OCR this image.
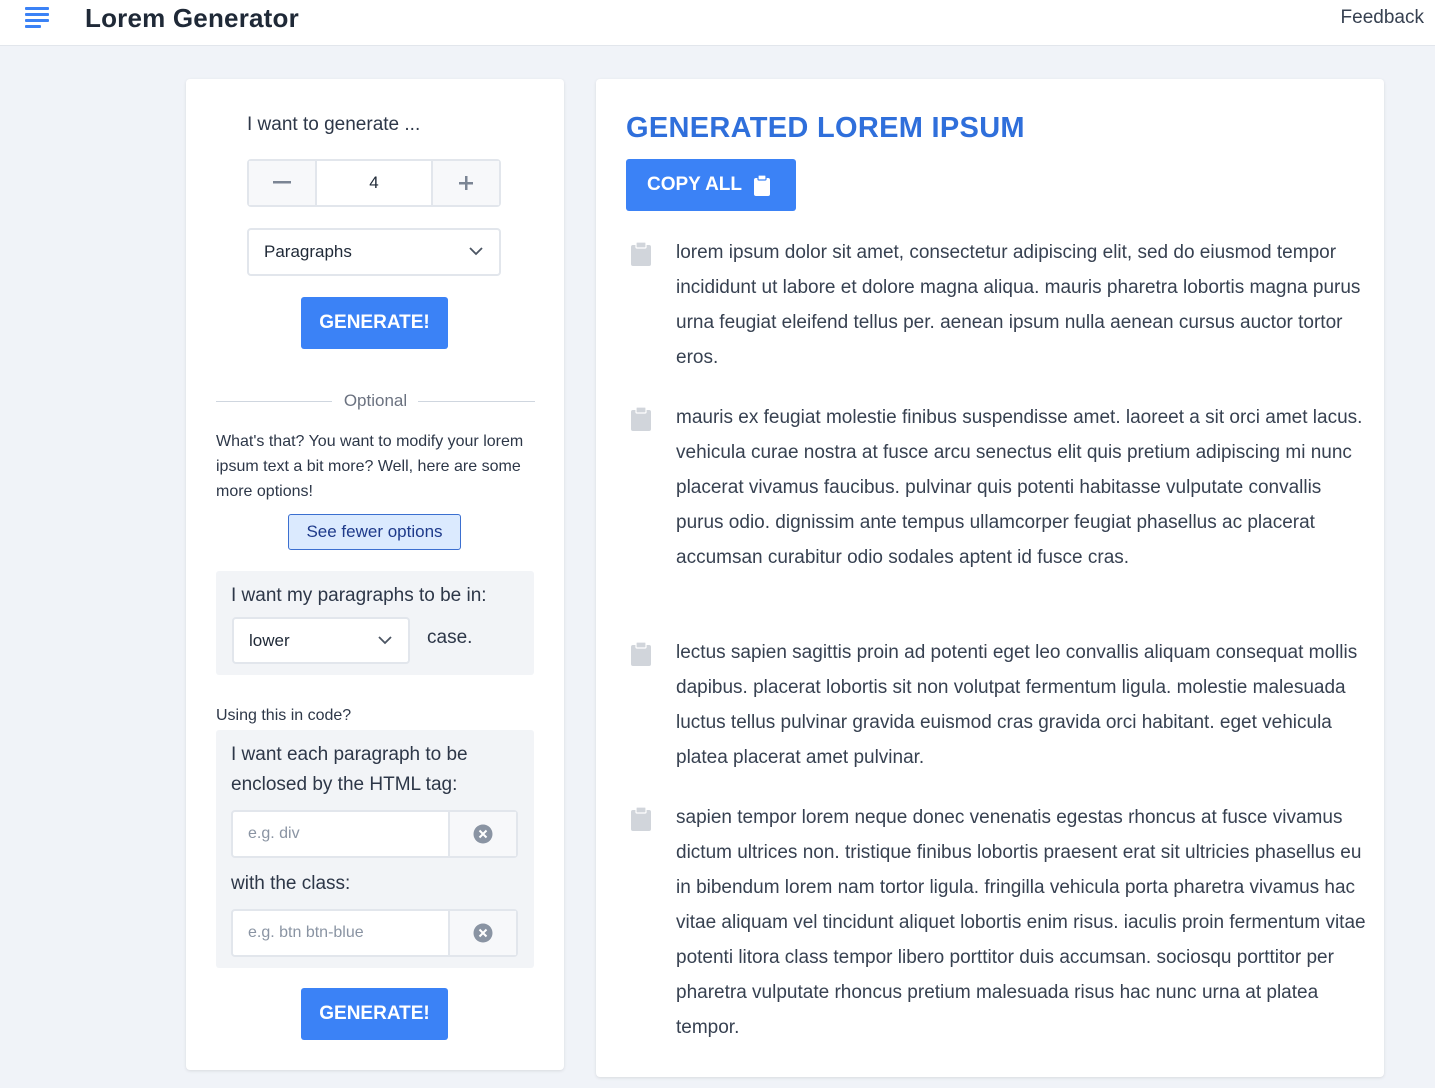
Lorem Generator	Feedback
I want to generate ...
4
Paragraphs
GENERATE!
Optional
What's that? You want to modify your lorem ipsum text a bit more? Well, here are some more options!
See fewer options
I want my paragraphs to be in:
lower	case.
Using this in code?
I want each paragraph to be
enclosed by the HTML tag:
e.g. div
with the class:
e.g. btn btn-blue
GENERATE!
GENERATED LOREM IPSUM
COPY ALL
lorem ipsum dolor sit amet, consectetur adipiscing elit, sed do eiusmod tempor incididunt ut labore et dolore magna aliqua. mauris pharetra lobortis magna purus urna feugiat eleifend tellus per. aenean ipsum nulla aenean cursus auctor tortor eros.
mauris ex feugiat molestie finibus suspendisse amet. laoreet a sit orci amet lacus. vehicula curae nostra at fusce arcu senectus elit quis pretium adipiscing mi nunc placerat vivamus faucibus. pulvinar quis potenti habitasse vulputate convallis purus odio. dignissim ante tempus ullamcorper feugiat phasellus ac placerat accumsan curabitur odio sodales aptent id fusce cras.
lectus sapien sagittis proin ad potenti eget leo convallis aliquam consequat mollis dapibus. placerat lobortis sit non volutpat fermentum ligula. molestie malesuada luctus tellus pulvinar gravida euismod cras gravida orci habitant. eget vehicula platea placerat amet pulvinar.
sapien tempor lorem neque donec venenatis egestas rhoncus at fusce vivamus dictum ultrices non. tristique finibus lobortis praesent erat sit ultricies phasellus eu in bibendum lorem nam tortor ligula. fringilla vehicula porta pharetra vivamus hac vitae aliquam vel tincidunt aliquet lobortis enim risus. iaculis proin fermentum vitae potenti litora class tempor libero porttitor duis accumsan. sociosqu porttitor per pharetra vulputate rhoncus pretium malesuada risus hac nunc urna at platea tempor.
